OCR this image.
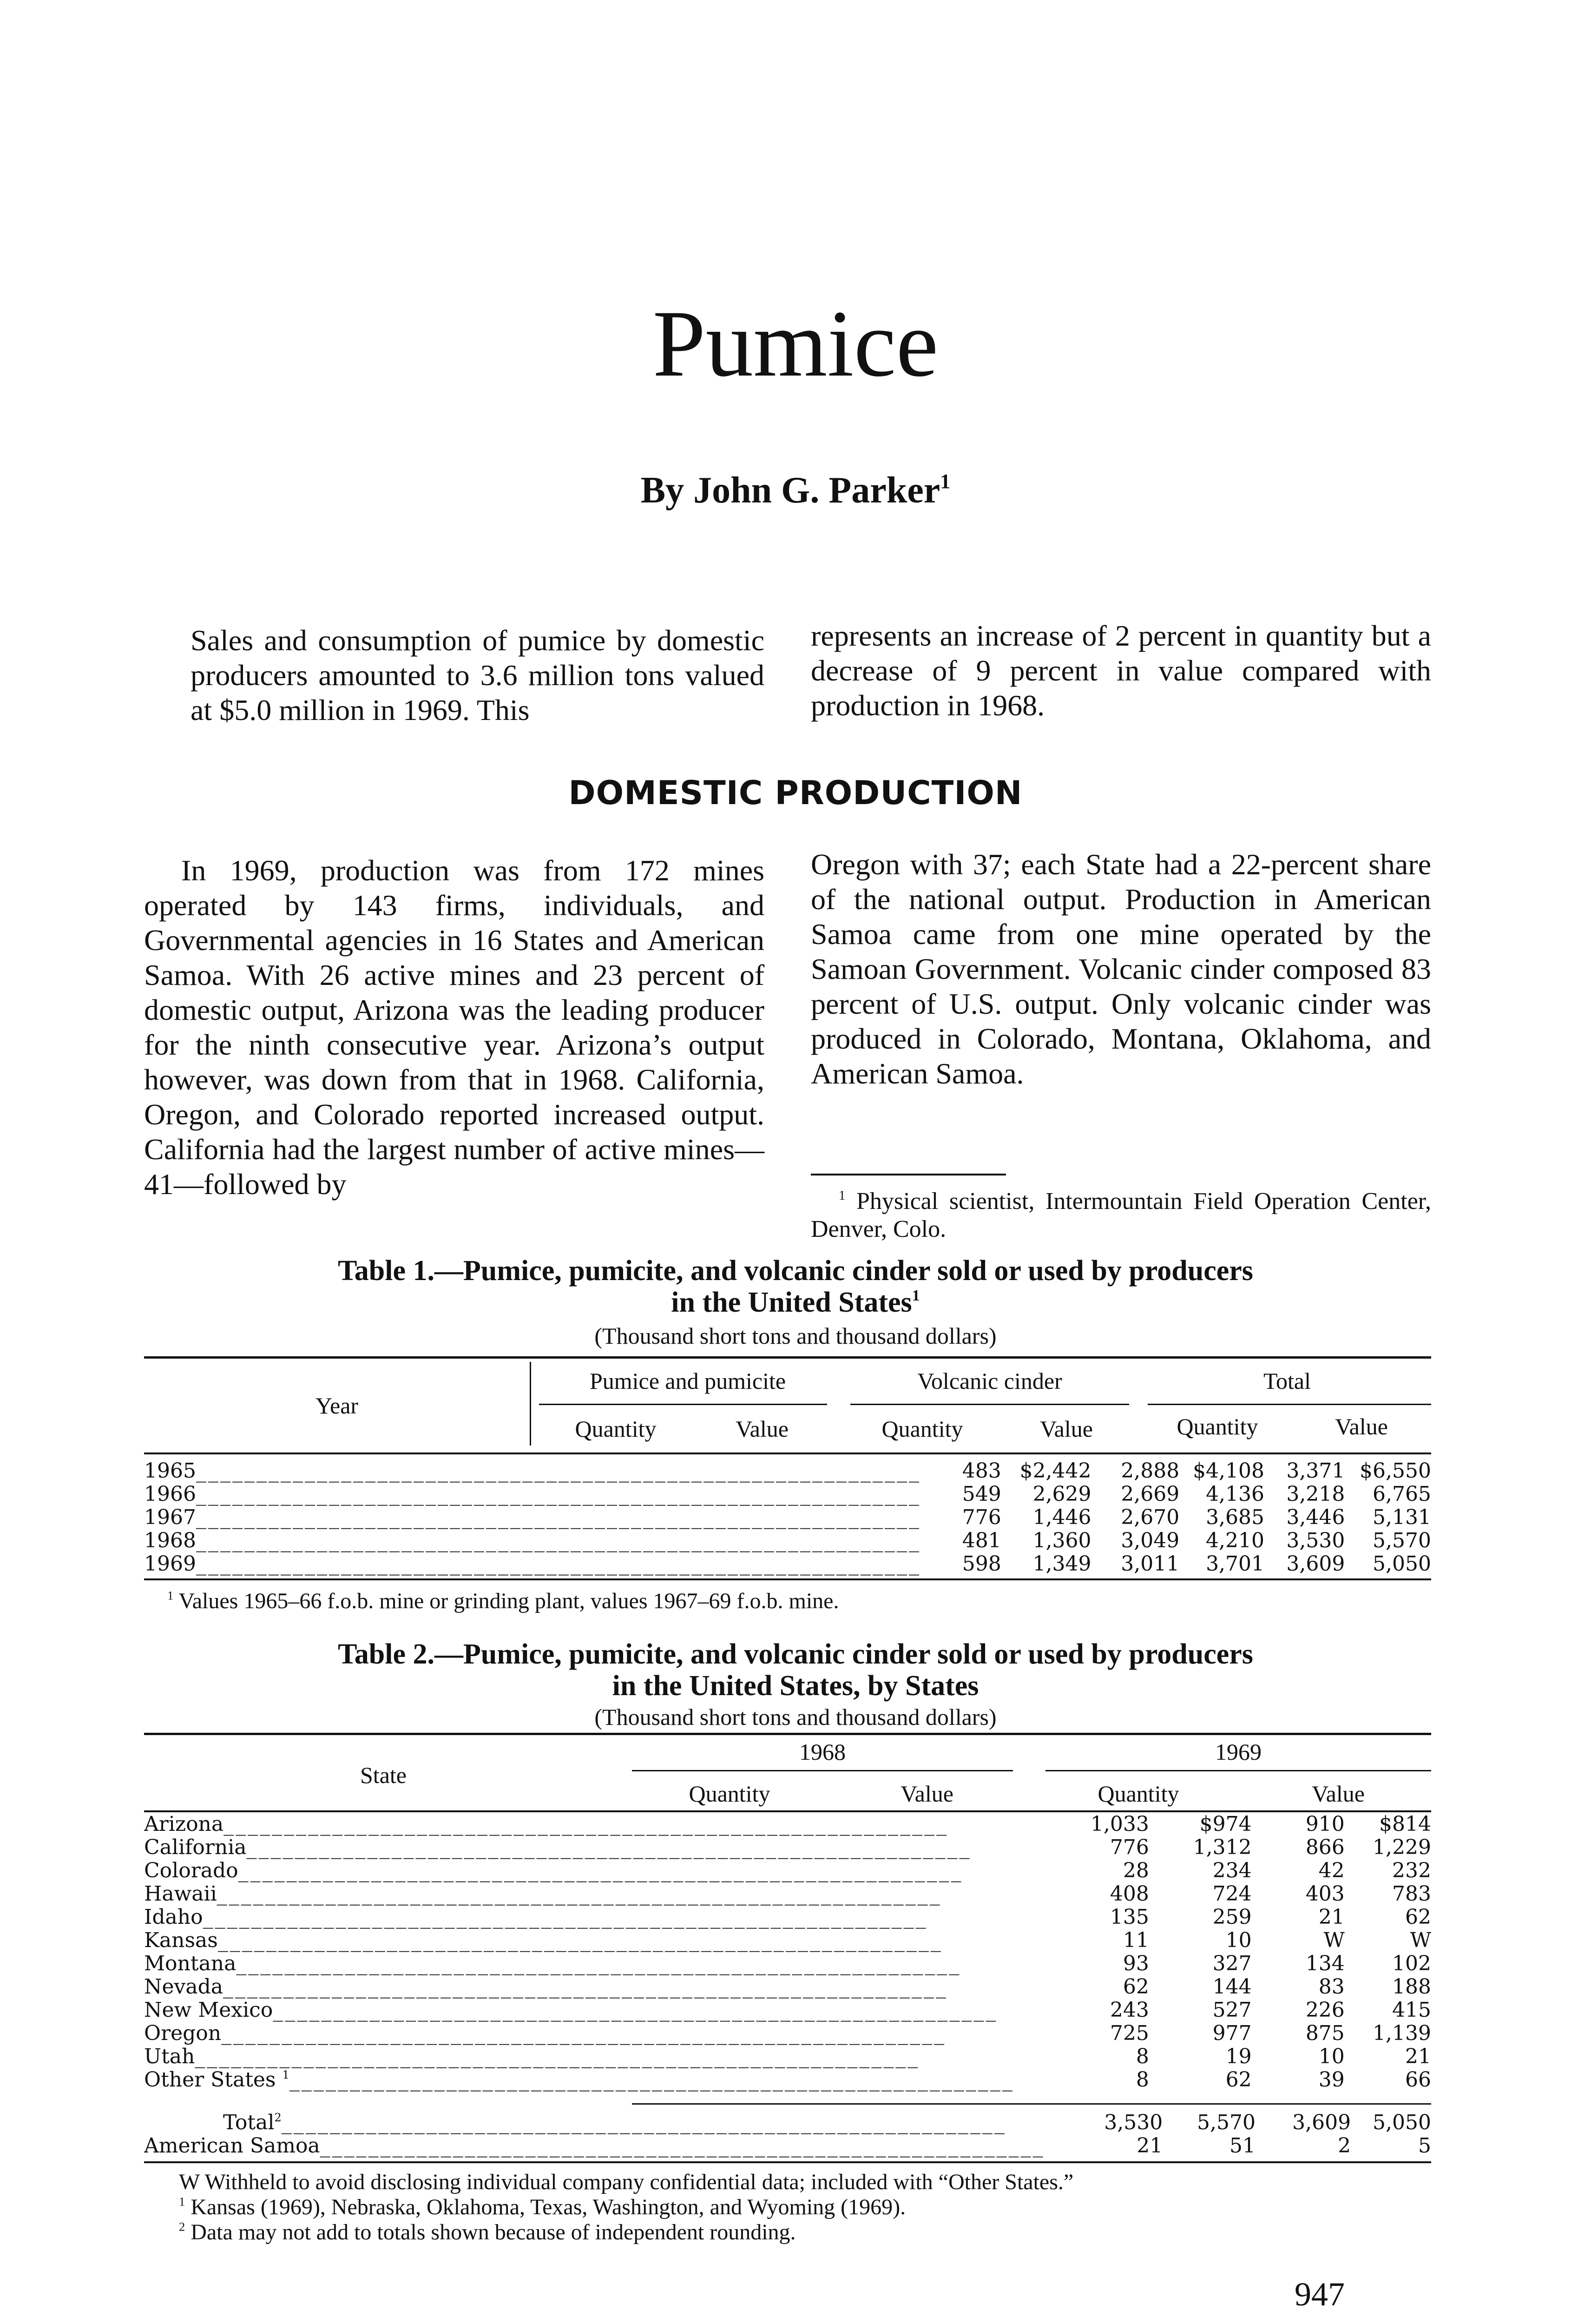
Pumice
By John G. Parker$^1$

Sales and consumption of pumice by domestic producers amounted to 3.6 million tons valued at $5.0 million in 1969. This

represents an increase of 2 percent in quantity but a decrease of 9 percent in value compared with production in 1968.

DOMESTIC PRODUCTION

In 1969, production was from 172 mines operated by 143 firms, individuals, and Governmental agencies in 16 States and American Samoa. With 26 active mines and 23 percent of domestic output, Arizona was the leading producer for the ninth consecutive year. Arizona’s output however, was down from that in 1968. California, Oregon, and Colorado reported increased output. California had the largest number of active mines—41—followed by

Oregon with 37; each State had a 22-percent share of the national output. Production in American Samoa came from one mine operated by the Samoan Government. Volcanic cinder composed 83 percent of U.S. output. Only volcanic cinder was produced in Colorado, Montana, Oklahoma, and American Samoa.

$^1$ Physical scientist, Intermountain Field Operation Center, Denver, Colo.

Table 1.—Pumice, pumicite, and volcanic cinder sold or used by producers
in the United States$^1$
(Thousand short tons and thousand dollars)
Year
Pumice and pumicite	Volcanic cinder	Total
Quantity	Value	Quantity	Value	Quantity	Value
1965____________________________________________________________	483	$2,442	2,888	$4,108	3,371	$6,550
1966____________________________________________________________	549	2,629	2,669	4,136	3,218	6,765
1967____________________________________________________________	776	1,446	2,670	3,685	3,446	5,131
1968____________________________________________________________	481	1,360	3,049	4,210	3,530	5,570
1969____________________________________________________________	598	1,349	3,011	3,701	3,609	5,050
$^1$ Values 1965–66 f.o.b. mine or grinding plant, values 1967–69 f.o.b. mine.
Table 2.—Pumice, pumicite, and volcanic cinder sold or used by producers
in the United States, by States
(Thousand short tons and thousand dollars)
State
1968	1969
Quantity	Value	Quantity	Value
Arizona____________________________________________________________	1,033	$974	910	$814
California____________________________________________________________	776	1,312	866	1,229
Colorado____________________________________________________________	28	234	42	232
Hawaii____________________________________________________________	408	724	403	783
Idaho____________________________________________________________	135	259	21	62
Kansas____________________________________________________________	11	10	W	W
Montana____________________________________________________________	93	327	134	102
Nevada____________________________________________________________	62	144	83	188
New Mexico____________________________________________________________	243	527	226	415
Oregon____________________________________________________________	725	977	875	1,139
Utah____________________________________________________________	8	19	10	21
Other States $^1$____________________________________________________________	8	62	39	66
Total$^2$____________________________________________________________	3,530	5,570	3,609	5,050
American Samoa____________________________________________________________	21	51	2	5
W Withheld to avoid disclosing individual company confidential data; included with “Other States.”
$^1$ Kansas (1969), Nebraska, Oklahoma, Texas, Washington, and Wyoming (1969).
$^2$ Data may not add to totals shown because of independent rounding.
947
